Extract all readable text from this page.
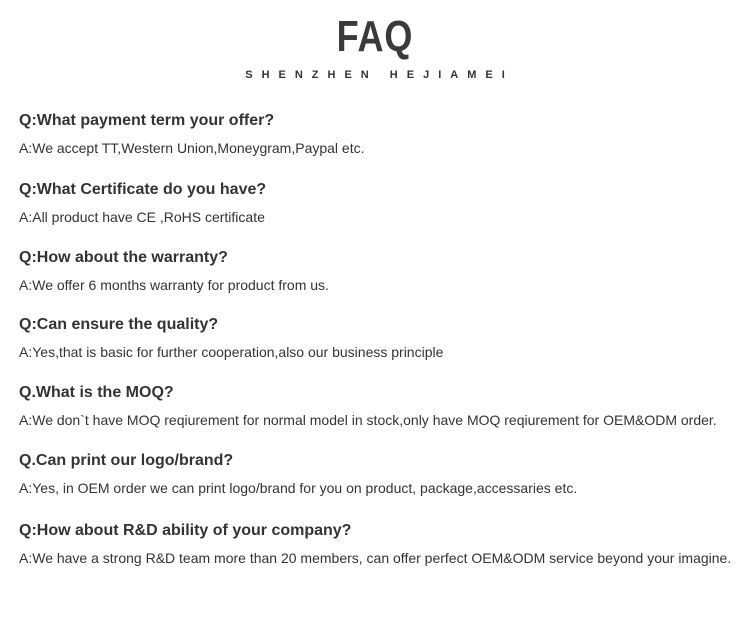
FAQ
SHENZHEN HEJIAMEI

Q:What payment term your offer?

A:We accept TT,Western Union,Moneygram,Paypal etc.

Q:What Certificate do you have?

A:All product have CE ,RoHS certificate

Q:How about the warranty?

A:We offer 6 months warranty for product from us.

Q:Can ensure the quality?

A:Yes,that is basic for further cooperation,also our business principle

Q.What is the MOQ?

A:We don`t have MOQ reqiurement for normal model in stock,only have MOQ reqiurement for OEM&ODM order.

Q.Can print our logo/brand?

A:Yes, in OEM order we can print logo/brand for you on product, package,accessaries etc.

Q:How about R&D ability of your company?

A:We have a strong R&D team more than 20 members, can offer perfect OEM&ODM service beyond your imagine.
